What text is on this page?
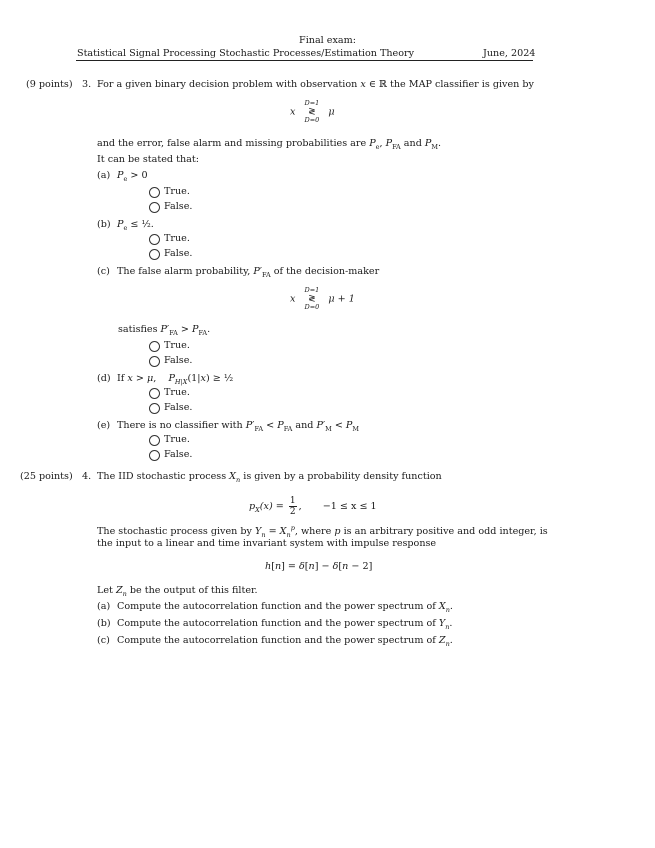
Final exam:
Statistical Signal Processing Stochastic Processes/Estimation Theory	June, 2024
(9 points) 3. For a given binary decision problem with observation x ∈ ℝ the MAP classifier is given by
x
D=1
≷
D=0
μ
and the error, false alarm and missing probabilities are $P_e$, $P_{FA}$ and $P_M$.
It can be stated that:
(a) $P_e > 0$
True.
False.
(b) $P_e$ ≤ ½.
True.
False.
(c) The false alarm probability, $P'_{FA}$ of the decision-maker
x
D=1
≷
D=0
μ + 1
satisfies $P'_{FA} > P_{FA}$.
True.
False.
(d) If x > μ,    $P_{H|X}(1|x)$ ≥ ½
True.
False.
(e) There is no classifier with $P'_{FA} < P_{FA}$ and $P'_M < P_M$
True.
False.
(25 points) 4. The IID stochastic process $X_n$ is given by a probability density function
$p_X(x) = \frac{1}{2}$ , −1 ≤ x ≤ 1
The stochastic process given by $Y_n = X_n^p$, where p is an arbitrary positive and odd integer, is
the input to a linear and time invariant system with impulse response
h[n] = δ[n] − δ[n − 2]
Let $Z_n$ be the output of this filter.
(a) Compute the autocorrelation function and the power spectrum of $X_n$.
(b) Compute the autocorrelation function and the power spectrum of $Y_n$.
(c) Compute the autocorrelation function and the power spectrum of $Z_n$.
